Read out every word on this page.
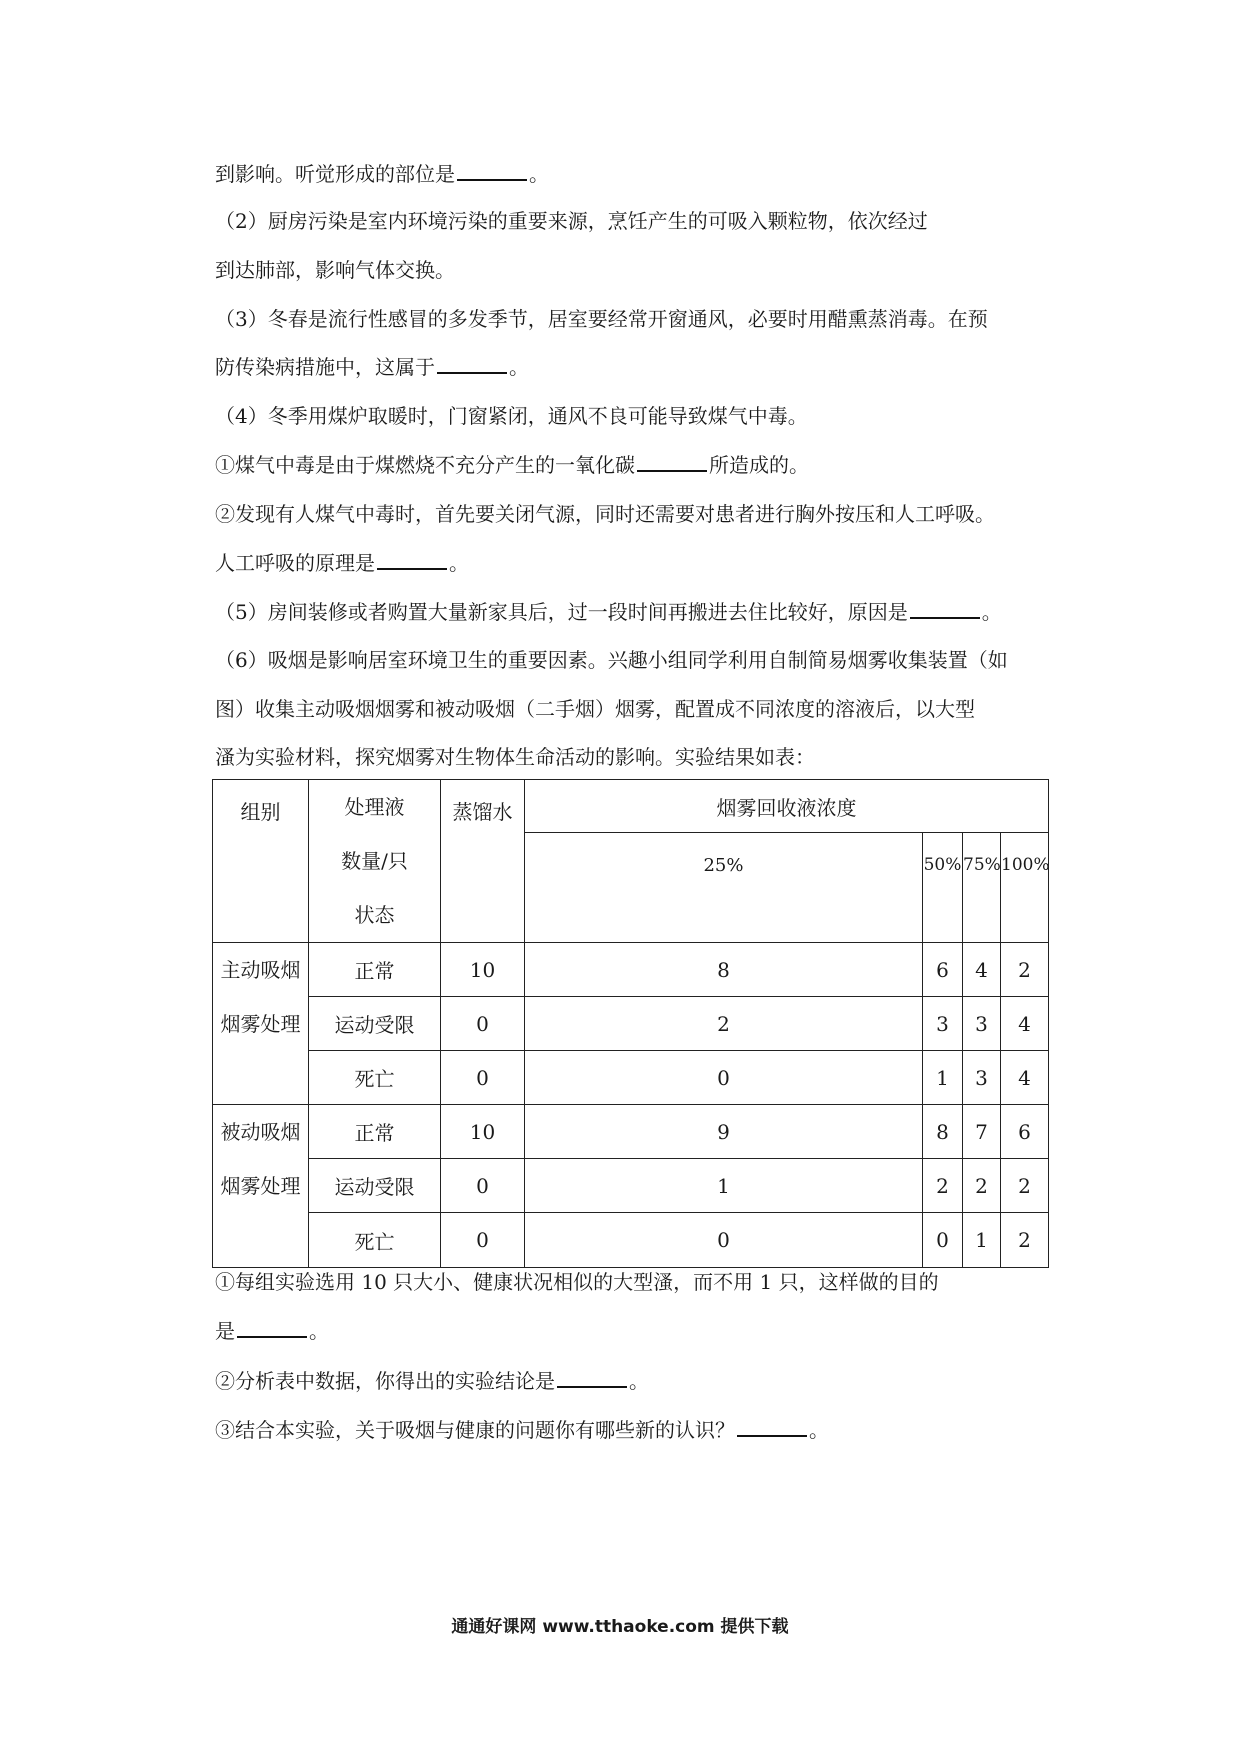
到影响。听觉形成的部位是	。
（2）厨房污染是室内环境污染的重要来源，烹饪产生的可吸入颗粒物，依次经过
到达肺部，影响气体交换。
（3）冬春是流行性感冒的多发季节，居室要经常开窗通风，必要时用醋熏蒸消毒。在预
防传染病措施中，这属于	。
（4）冬季用煤炉取暖时，门窗紧闭，通风不良可能导致煤气中毒。
①煤气中毒是由于煤燃烧不充分产生的一氧化碳	所造成的。
②发现有人煤气中毒时，首先要关闭气源，同时还需要对患者进行胸外按压和人工呼吸。
人工呼吸的原理是	。
（5）房间装修或者购置大量新家具后，过一段时间再搬进去住比较好，原因是	。
（6）吸烟是影响居室环境卫生的重要因素。兴趣小组同学利用自制简易烟雾收集装置（如
图）收集主动吸烟烟雾和被动吸烟（二手烟）烟雾，配置成不同浓度的溶液后，以大型
溞为实验材料，探究烟雾对生物体生命活动的影响。实验结果如表：
组别	处理液
数量/只
状态	蒸馏水	烟雾回收液浓度			
			25%	50%	75%	100%

主动吸烟
烟雾处理	正常	10	8	6	4	2
	运动受限	0	2	3	3	4
	死亡	0	0	1	3	4

被动吸烟
烟雾处理	正常	10	9	8	7	6
	运动受限	0	1	2	2	2
	死亡	0	0	0	1	2
①每组实验选用 10 只大小、健康状况相似的大型溞，而不用 1 只，这样做的目的
是	。
②分析表中数据，你得出的实验结论是	。
③结合本实验，关于吸烟与健康的问题你有哪些新的认识？	。
通通好课网 www.tthaoke.com 提供下载
